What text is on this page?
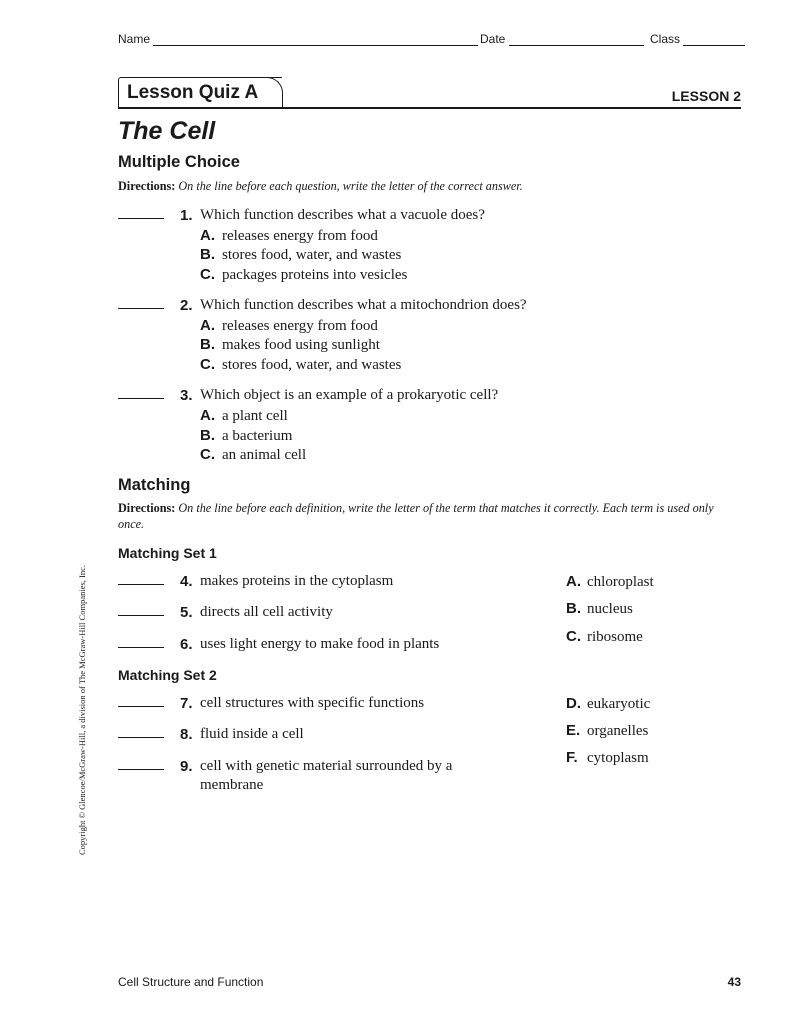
Name	Date	Class
Lesson Quiz A	LESSON 2
The Cell
Multiple Choice
Directions: On the line before each question, write the letter of the correct answer.
1. Which function describes what a vacuole does?
A. releases energy from food
B. stores food, water, and wastes
C. packages proteins into vesicles
2. Which function describes what a mitochondrion does?
A. releases energy from food
B. makes food using sunlight
C. stores food, water, and wastes
3. Which object is an example of a prokaryotic cell?
A. a plant cell
B. a bacterium
C. an animal cell
Matching
Directions: On the line before each definition, write the letter of the term that matches it correctly. Each term is used only once.
Matching Set 1
4. makes proteins in the cytoplasm
5. directs all cell activity
6. uses light energy to make food in plants
A. chloroplast
B. nucleus
C. ribosome
Matching Set 2
7. cell structures with specific functions
8. fluid inside a cell
9. cell with genetic material surrounded by a
membrane
D. eukaryotic
E. organelles
F. cytoplasm
Copyright © Glencoe/McGraw-Hill, a division of The McGraw-Hill Companies, Inc.
Cell Structure and Function	43
